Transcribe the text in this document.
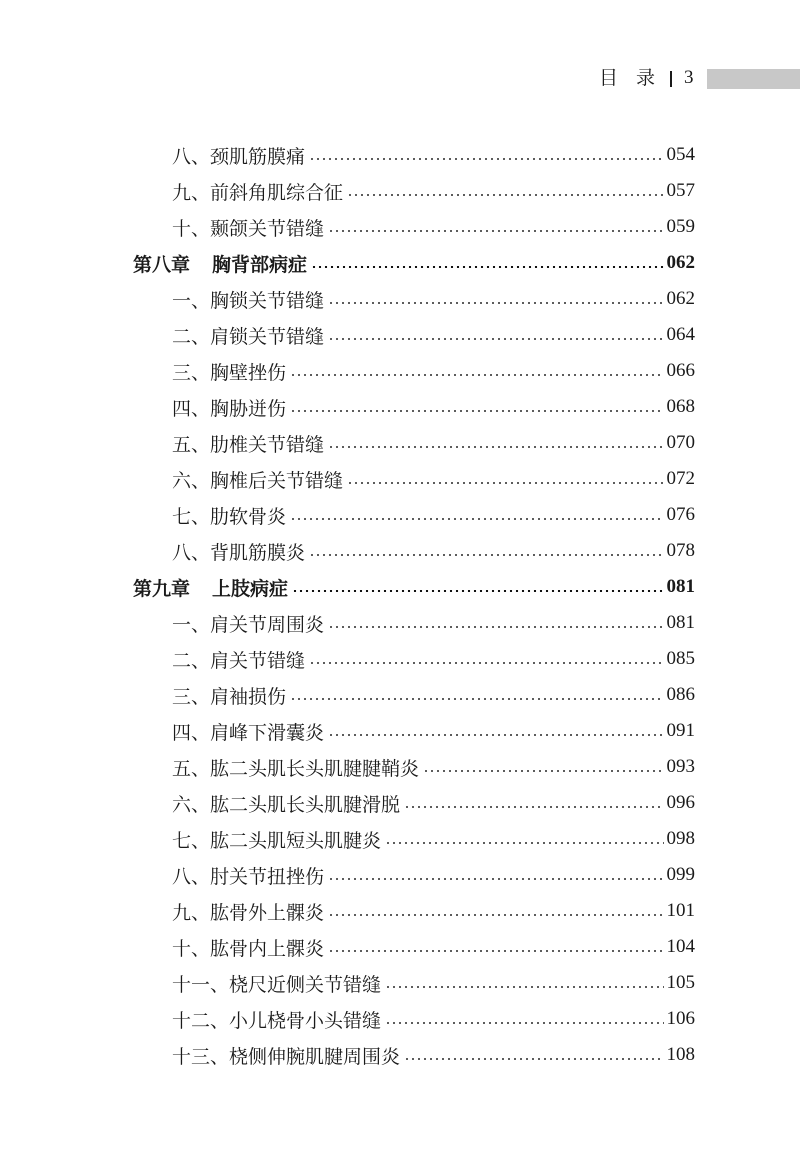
目 录 3
八、颈肌筋膜痛	054
九、前斜角肌综合征	057
十、颞颌关节错缝	059
第八章 胸背部病症	062
一、胸锁关节错缝	062
二、肩锁关节错缝	064
三、胸壁挫伤	066
四、胸胁迸伤	068
五、肋椎关节错缝	070
六、胸椎后关节错缝	072
七、肋软骨炎	076
八、背肌筋膜炎	078
第九章 上肢病症	081
一、肩关节周围炎	081
二、肩关节错缝	085
三、肩袖损伤	086
四、肩峰下滑囊炎	091
五、肱二头肌长头肌腱腱鞘炎	093
六、肱二头肌长头肌腱滑脱	096
七、肱二头肌短头肌腱炎	098
八、肘关节扭挫伤	099
九、肱骨外上髁炎	101
十、肱骨内上髁炎	104
十一、桡尺近侧关节错缝	105
十二、小儿桡骨小头错缝	106
十三、桡侧伸腕肌腱周围炎	108
